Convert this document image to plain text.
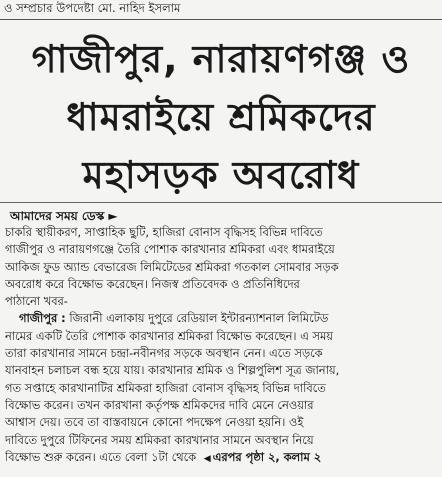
ও সম্প্রচার উপদেষ্টা মো. নাহিদ ইসলাম
গাজীপুর, নারায়ণগঞ্জ ও
ধামরাইয়ে শ্রমিকদের
মহাসড়ক অবরোধ
আমাদের সময় ডেস্ক ►
চাকরি স্থায়ীকরণ, সাপ্তাহিক ছুটি, হাজিরা বোনাস বৃদ্ধিসহ বিভিন্ন দাবিতে
গাজীপুর ও নারায়ণগঞ্জে তৈরি পোশাক কারখানার শ্রমিকরা এবং ধামরাইয়ে
আকিজ ফুড অ্যান্ড বেভারেজ লিমিটেডের শ্রমিকরা গতকাল সোমবার সড়ক
অবরোধ করে বিক্ষোভ করেছেন। নিজস্ব প্রতিবেদক ও প্রতিনিধিদের
পাঠানো খবর-
গাজীপুর : জিরানী এলাকায় দুপুরে রেডিয়াল ইন্টারন্যাশনাল লিমিটেড
নামের একটি তৈরি পোশাক কারখানার শ্রমিকরা বিক্ষোভ করেছেন। এ সময়
তারা কারখানার সামনে চন্দ্রা-নবীনগর সড়কে অবস্থান নেন। এতে সড়কে
যানবাহন চলাচল বন্ধ হয়ে যায়। কারখানার শ্রমিক ও শিল্পপুলিশ সূত্র জানায়,
গত সপ্তাহে কারখানাটির শ্রমিকরা হাজিরা বোনাস বৃদ্ধিসহ বিভিন্ন দাবিতে
বিক্ষোভ করেন। তখন কারখানা কর্তৃপক্ষ শ্রমিকদের দাবি মেনে নেওয়ার
আশ্বাস দেয়। তবে তা বাস্তবায়নে কোনো পদক্ষেপ নেওয়া হয়নি। ওই
দাবিতে দুপুরে টিফিনের সময় শ্রমিকরা কারখানার সামনে অবস্থান নিয়ে
বিক্ষোভ শুরু করেন। এতে বেলা ১টা থেকে ◀ এরপর পৃষ্ঠা ২, কলাম ২
